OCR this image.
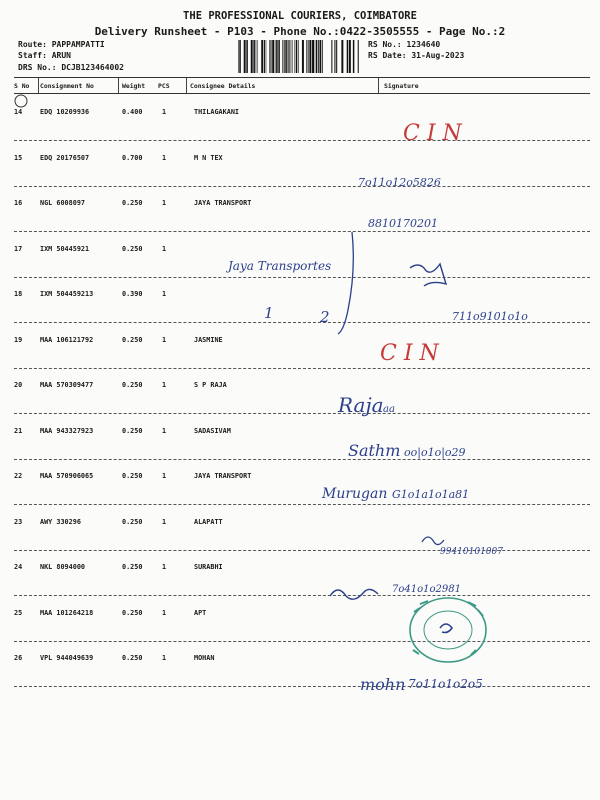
THE PROFESSIONAL COURIERS, COIMBATORE
Delivery Runsheet - P103 - Phone No.:0422-3505555 - Page No.:2
Route: PAPPAMPATTI
Staff: ARUN
DRS No.: DCJB123464002
RS No.: 1234640
RS Date: 31-Aug-2023
S No Consignment No	Weight PCS	Consignee Details	Signature
14	EDQ 10209936	0.400	1	THILAGAKANI
15	EDQ 20176507	0.700	1	M N TEX
16	NGL 6008097	0.250	1	JAYA TRANSPORT
17	IXM 50445921	0.250	1
18	IXM 504459213	0.390	1
19	MAA 106121792	0.250	1	JASMINE
20	MAA 570309477	0.250	1	S P RAJA
21	MAA 943327923	0.250	1	SADASIVAM
22	MAA 570906065	0.250	1	JAYA TRANSPORT
23	AWY 330296	0.250	1	ALAPATT
24	NKL 8094000	0.250	1	SURABHI
25	MAA 101264218	0.250	1	APT
26	VPL 944049639	0.250	1	MOHAN
C I N
7o11o12o5826
8810170201
Jaya Transportes
1	2	711o9101o1o
C I N
Raja aa
Sathm oo|o1o|o29
Murugan G1o1a1o1a81
99410101007
7o41o1o2981
mohn 7o11o1o2o5
